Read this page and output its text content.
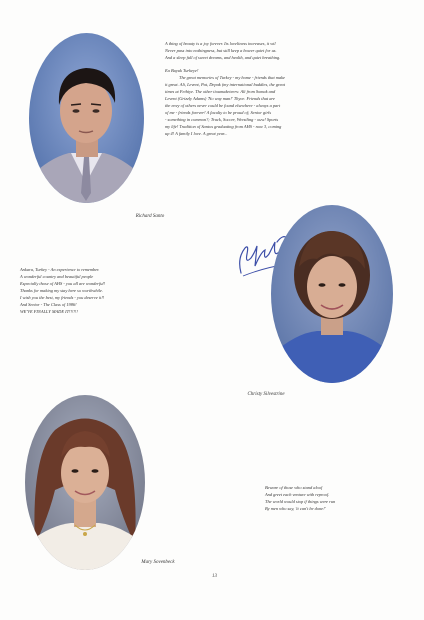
Richard Santo

A thing of beauty is a joy forever. Its loveliness increases, it wil

Never pass into nothingness, but still keep a bower quiet for us.

And a sleep full of sweet dreams, and health, and quiet breathing.

Ea Buyuk Turkeye!

The great memories of Turkey - my home - friends that make

it great. Ali, Levent, Pat, Depak (my international buddies, the great

times at Fethiye. The other tioumaketeers: Ali from Somak and

Levent (Grizzly Adams) 'No way man!' Thyce. Friends that are

the envy of others never could be found elsewhere - always a part

of me - friends forever! A faculty to be proud of; Senior girls

- something in common?; Track, Soccer, Wrestling - ouw! Sports

my life! Tradition of Santos graduating from AHS - now 3, coming

up 4! A family I love. A great year...

Ankara, Turkey - An experience to remember.

A wonderful country and beautiful people

Especially those of AHS - you all are wonderful!

Thanks for making my stay here so worthwhile.

I wish you the best, my friends - you deserve it!!

And Senior - The Class of 1986!

WE'VE FINALLY MADE IT!!!!!!

Christy Silvestrine
Mary Sovenbeck

Beware of those who stand aloof

And greet each venture with reproof.

The world would stop if things were run

By men who say, 'it can't be done!'

13
